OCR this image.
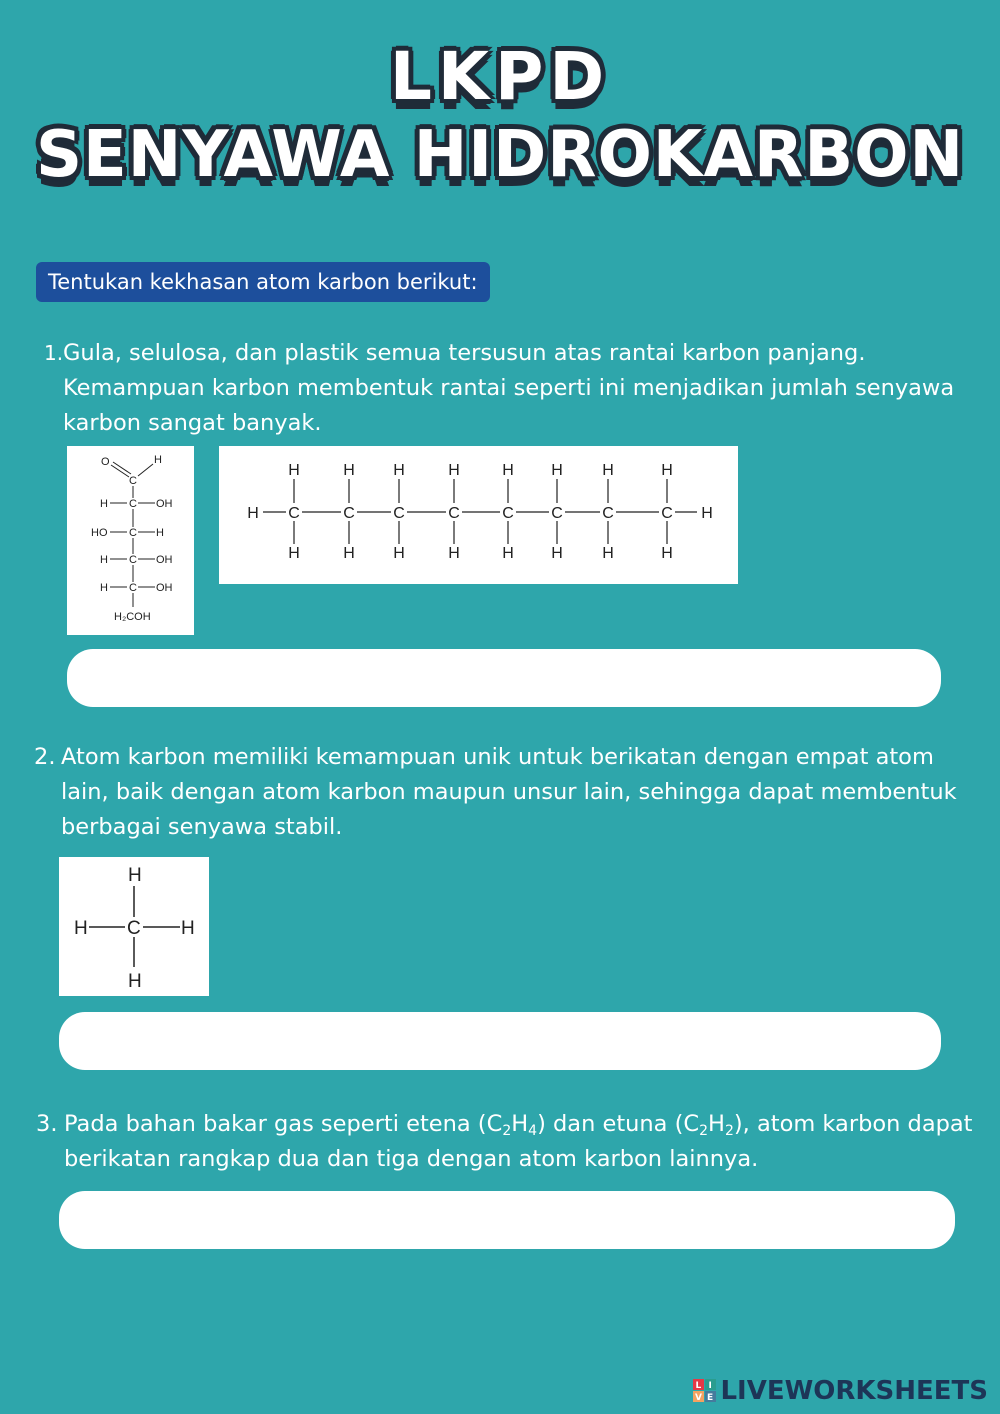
LKPD
SENYAWA HIDROKARBON
Tentukan kekhasan atom karbon berikut:
1. Gula, selulosa, dan plastik semua tersusun atas rantai karbon panjang. Kemampuan karbon membentuk rantai seperti ini menjadikan jumlah senyawa karbon sangat banyak.
O	H
C
H C OH
HO C H
H C OH
H C OH
H₂COH
H C
H
H
C
H
H
C
H
H
C
H
H
C
H
H
C
H
H
C
H
H
C
H
H
H
2. Atom karbon memiliki kemampuan unik untuk berikatan dengan empat atom lain, baik dengan atom karbon maupun unsur lain, sehingga dapat membentuk berbagai senyawa stabil.
H
H C H
H
3. Pada bahan bakar gas seperti etena $(C_2H_4)$ dan etuna $(C_2H_2)$, atom karbon dapat berikatan rangkap dua dan tiga dengan atom karbon lainnya.
L I
V E LIVEWORKSHEETS
